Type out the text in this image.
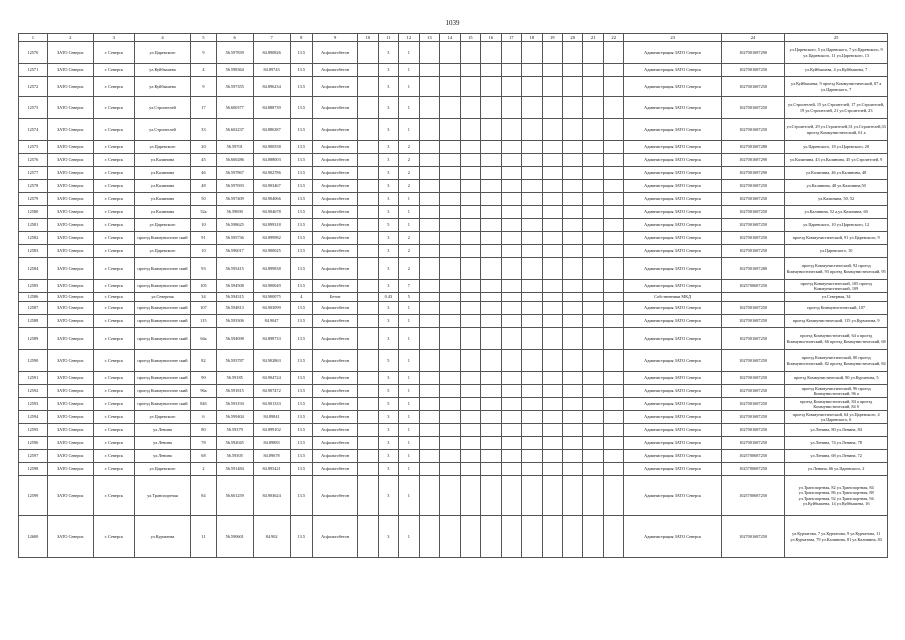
1039
1	2	3	4	5	6	7	8	9	10	11	12	13	14	15	16	17	18	19	20	21	22	23	24	25
12570	ЗАТО Северск	г. Северск	ул.Царевского	9	56.597839	84.890826	13.5	Асфальтобетон		3	1											Администрация ЗАТО Северск	1027001687290	ул.Царевского, 5 ул.Царевского, 7 ул.Царевского, 9 ул.Царевского, 11 ул.Царевского, 13
12571	ЗАТО Северск	г. Северск	ул.Куйбышева	4	56.598364	84.89743	13.5	Асфальтобетон		3	1											Администрация ЗАТО Северск	1027001687250	ул.Куйбышева, 4 ул.Куйбышева, 7
12572	ЗАТО Северск	г. Северск	ул.Куйбышева	9	56.597355	84.896234	13.5	Асфальтобетон		3	1											Администрация ЗАТО Северск	1027001687250	ул.Куйбышева, 9 проезд Коммунистический, 87 а ул.Царевского, 7
12573	ЗАТО Северск	г. Северск	ул.Строителей	17	56.600377	84.888739	13.5	Асфальтобетон		3	1											Администрация ЗАТО Северск	1027001687250	ул.Строителей, 15 ул.Строителей, 17 ул.Строителей, 19 ул.Строителей, 21 ул.Строителей, 23
12574	ЗАТО Северск	г. Северск	ул.Строителей	33	56.602237	84.886387	13.5	Асфальтобетон		3	1											Администрация ЗАТО Северск	1027001687250	ул.Строителей, 29 ул.Строителей,31 ул.Строителей,33 проезд Коммунистический, 61 а
12575	ЗАТО Северск	г. Северск	ул.Царевского	20	56.59701	84.900558	13.5	Асфальтобетон		3	2											Администрация ЗАТО Северск	1027001687280	ул.Царевского, 18 ул.Царевского, 20
12576	ЗАТО Северск	г. Северск	ул.Калинина	45	56.600286	84.888003	13.5	Асфальтобетон		3	2											Администрация ЗАТО Северск	1027001687290	ул.Калинина, 43 ул.Калинина, 45 ул.Строителей, 9
12577	ЗАТО Северск	г. Северск	ул.Калинина	46	56.597867	84.902786	13.5	Асфальтобетон		3	2											Администрация ЗАТО Северск	1027001687290	ул.Калинина, 46 ул.Калинина, 48
12578	ЗАТО Северск	г. Северск	ул.Калинина	48	56.597693	84.903467	13.5	Асфальтобетон		3	2											Администрация ЗАТО Северск	1027001687250	ул.Калинина, 48 ул.Калинина,50
12579	ЗАТО Северск	г. Северск	ул.Калинина	50	56.597409	84.904066	13.5	Асфальтобетон		3	1											Администрация ЗАТО Северск	1027001687250	ул.Калинина, 50, 52
12580	ЗАТО Северск	г. Северск	ул.Калинина	52а	56.59690	84.904678	13.5	Асфальтобетон		3	1											Администрация ЗАТО Северск	1027001687250	ул.Калинина, 52 а,ул.Калинина, 60
12581	ЗАТО Северск	г. Северск	ул.Царевского	10	56.598625	84.899318	13.5	Асфальтобетон		5	1											Администрация ЗАТО Северск	1027001687250	ул.Царевского, 10 ул.Царевского, 12
12582	ЗАТО Северск	г. Северск	проезд Коммунистиче ский	91	56.595736	84.899982	13.5	Асфальтобетон		3	2											Администрация ЗАТО Северск	1027001687250	проезд Коммунистический, 91 ул.Царевского, 9
12583	ЗАТО Северск	г. Северск	ул.Царевского	10	56.596017	84.900025	13.5	Асфальтобетон		3	2											Администрация ЗАТО Северск	1027001687250	ул.Царевского, 10
12584	ЗАТО Северск	г. Северск	проезд Коммунистиче ский	93	56.595415	84.899838	13.5	Асфальтобетон		3	2											Администрация ЗАТО Северск	1027001687280	проезд Коммунистический, 92 проезд Коммунистический, 93 проезд Коммунистический, 95
12585	ЗАТО Северск	г. Северск	проезд Коммунистиче ский	105	56.594508	84.900049	13.5	Асфальтобетон		3	7											Администрация ЗАТО Северск	1025700687250	проезд Коммунистический, 105 проезд Коммунистический, 109
12586	ЗАТО Северск	г. Северск	ул.Северная	34	56.594315	84.900075	4	Бетон		0.43	5											Собственники МКД		ул.Северная, 34
12587	ЗАТО Северск	г. Северск	проезд Коммунистиче ский	107	56.594813	84.903099	13.5	Асфальтобетон		3	1											Администрация ЗАТО Северск	1027001687250	проезд Коммунистический, 107
12588	ЗАТО Северск	г. Северск	проезд Коммунистиче ский	115	56.593306	84.9047	13.5	Асфальтобетон		3	1											Администрация ЗАТО Северск	1027001687250	проезд Коммунистический, 115 ул.Курчатова, 9
12589	ЗАТО Северск	г. Северск	проезд Коммунистиче ский	64а	56.594698	84.898733	13.5	Асфальтобетон		3	1											Администрация ЗАТО Северск	1027001687250	проезд Коммунистический, 64 а проезд Коммунистический, 66 проезд Коммунистический, 68
12590	ЗАТО Северск	г. Северск	проезд Коммунистиче ский	82	56.593787	84.902863	13.5	Асфальтобетон		5	1											Администрация ЗАТО Северск	1027001687250	проезд Коммунистический, 80 проезд Коммунистический, 82 проезд Коммунистический, 84
12591	ЗАТО Северск	г. Северск	проезд Коммунистиче ский	90	56.59185	84.904724	13.5	Асфальтобетон		3	1											Администрация ЗАТО Северск	1027001687250	проезд Коммунистический, 90 ул.Курчатова, 5
12592	ЗАТО Северск	г. Северск	проезд Коммунистиче ский	96а	56.591815	84.907472	13.5	Асфальтобетон		5	1											Администрация ЗАТО Северск	1027001687250	проезд Коммунистический, 96 проезд Коммунистический, 96 а
12593	ЗАТО Северск	г. Северск	проезд Коммунистиче ский	84б	56.593194	84.901333	13.5	Асфальтобетон		5	1											Администрация ЗАТО Северск	1027001687250	проезд Коммунистический, 84 а проезд Коммунистический, 84 б
12594	ЗАТО Северск	г. Северск	ул.Царевского	6	56.599404	84.89841	13.5	Асфальтобетон		3	1											Администрация ЗАТО Северск	1027001687250	проезд Коммунистический, 64 ул.Царевского, 4 ул.Царевского, 6
12595	ЗАТО Северск	г. Северск	ул.Ленина	80	56.59379	84.899102	13.5	Асфальтобетон		3	1											Администрация ЗАТО Северск	1027001687250	ул.Ленина, 80 ул.Ленина, 84
12596	ЗАТО Северск	г. Северск	ул.Ленина	78	56.592045	84.89883	13.5	Асфальтобетон		3	1											Администрация ЗАТО Северск	1027001687250	ул.Ленина, 74 ул.Ленина, 78
12597	ЗАТО Северск	г. Северск	ул.Ленина	68	56.59305	84.89678	13.5	Асфальтобетон		3	1											Администрация ЗАТО Северск	1025700687250	ул.Ленина, 68 ул.Ленина, 72
12598	ЗАТО Северск	г. Северск	ул.Царевского	2	56.591484	84.895421	13.5	Асфальтобетон		3	1											Администрация ЗАТО Северск	1025700687250	ул.Ленина, 66 ул.Царевского, 2
12599	ЗАТО Северск	г. Северск	ул.Транспортная	84	56.601259	84.903624	13.5	Асфальтобетон		3	1											Администрация ЗАТО Северск	1025700687250	ул.Транспортная, 82 ул.Транспортная, 84 ул.Транспортная, 86 ул.Транспортная, 88 ул.Транспортная, 92 ул.Транспортная, 94 ул.Куйбышева, 14 ул.Куйбышева, 16
12600	ЗАТО Северск	г. Северск	ул.Курчатова	11	56.590601	84.902	13.5	Асфальтобетон		3	1											Администрация ЗАТО Северск	1027001687250	ул.Курчатова, 7 ул.Курчатова, 9 ул.Курчатова, 11 ул.Курчатова, 79 ул.Калинина, 81 ул.Калинина, 83
